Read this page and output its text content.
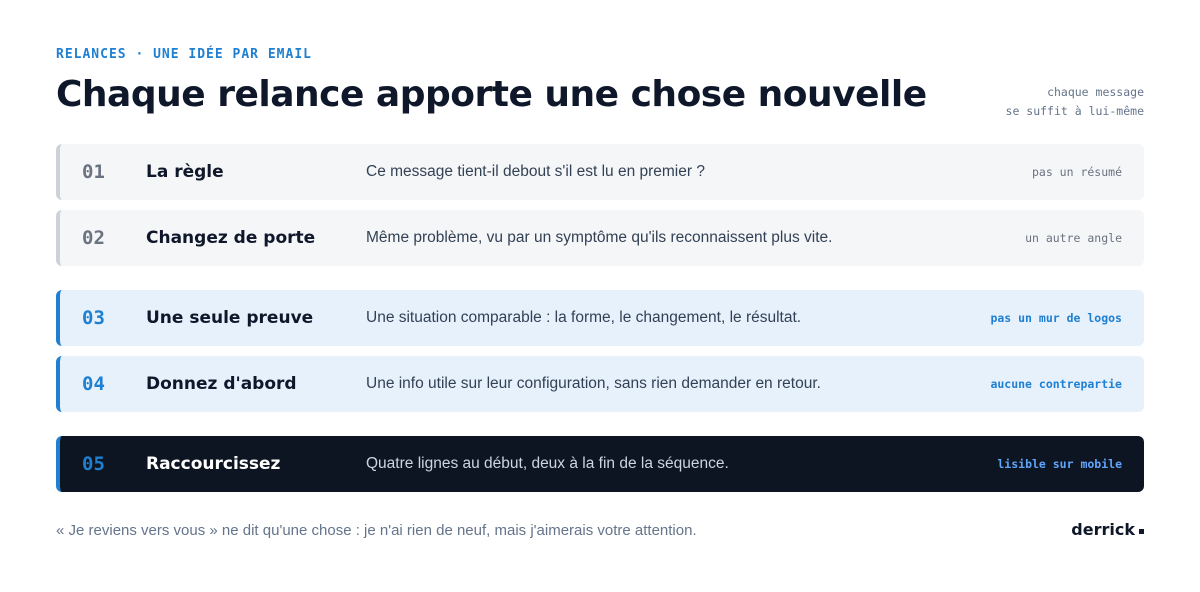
RELANCES · UNE IDÉE PAR EMAIL
Chaque relance apporte une chose nouvelle	chaque message
se suffit à lui-même
01 La règle	Ce message tient-il debout s'il est lu en premier ?	pas un résumé
02 Changez de porte	Même problème, vu par un symptôme qu'ils reconnaissent plus vite.	un autre angle
03 Une seule preuve	Une situation comparable : la forme, le changement, le résultat.	pas un mur de logos
04 Donnez d'abord	Une info utile sur leur configuration, sans rien demander en retour.	aucune contrepartie
05 Raccourcissez	Quatre lignes au début, deux à la fin de la séquence.	lisible sur mobile
« Je reviens vers vous » ne dit qu'une chose : je n'ai rien de neuf, mais j'aimerais votre attention.	derrick
